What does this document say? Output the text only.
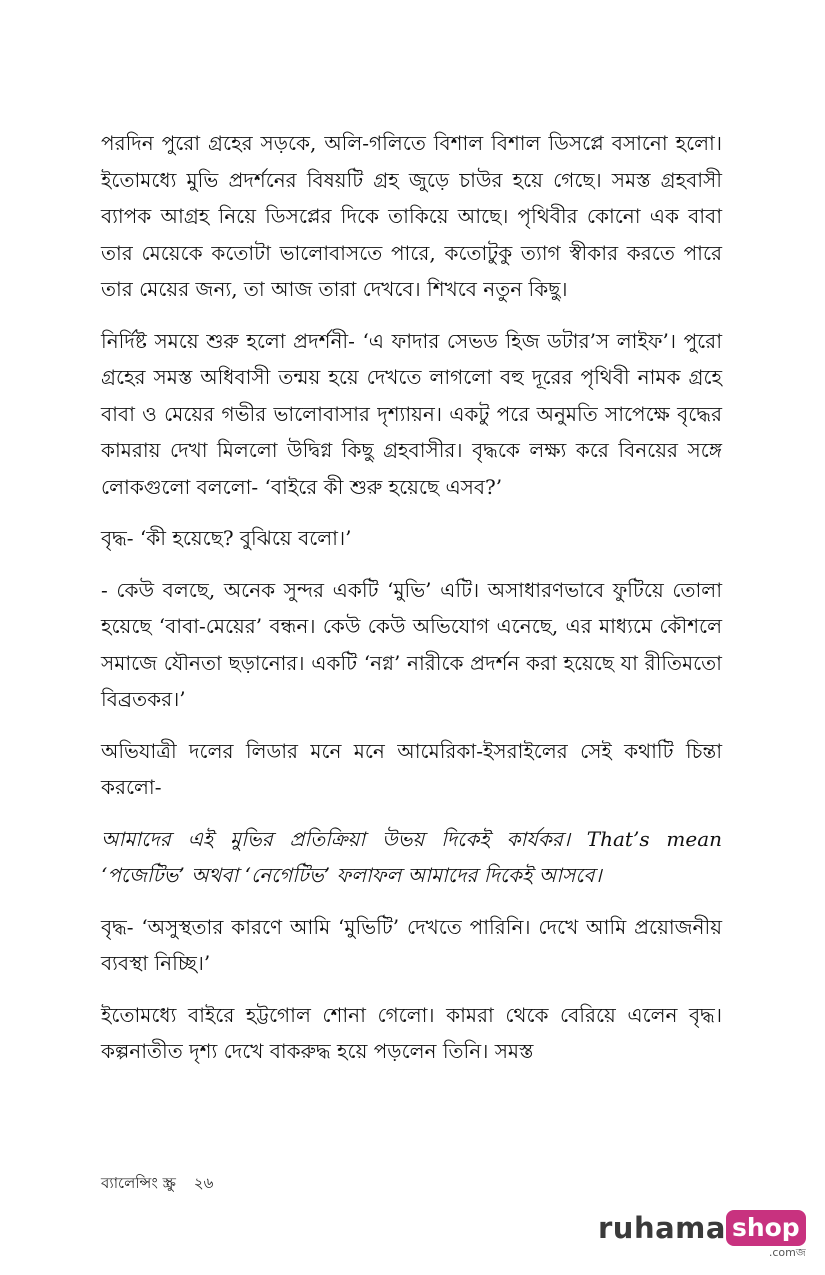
পরদিন পুরো গ্রহের সড়কে, অলি-গলিতে বিশাল বিশাল ডিসপ্লে বসানো হলো। ইতোমধ্যে মুভি প্রদর্শনের বিষয়টি গ্রহ জুড়ে চাউর হয়ে গেছে। সমস্ত গ্রহবাসী ব্যাপক আগ্রহ নিয়ে ডিসপ্লের দিকে তাকিয়ে আছে। পৃথিবীর কোনো এক বাবা তার মেয়েকে কতোটা ভালোবাসতে পারে, কতোটুকু ত্যাগ স্বীকার করতে পারে তার মেয়ের জন্য, তা আজ তারা দেখবে। শিখবে নতুন কিছু।

নির্দিষ্ট সময়ে শুরু হলো প্রদর্শনী- ‘এ ফাদার সেভড হিজ ডটার’স লাইফ’। পুরো গ্রহের সমস্ত অধিবাসী তন্ময় হয়ে দেখতে লাগলো বহু দূরের পৃথিবী নামক গ্রহে বাবা ও মেয়ের গভীর ভালোবাসার দৃশ্যায়ন। একটু পরে অনুমতি সাপেক্ষে বৃদ্ধের কামরায় দেখা মিললো উদ্বিগ্ন কিছু গ্রহবাসীর। বৃদ্ধকে লক্ষ্য করে বিনয়ের সঙ্গে লোকগুলো বললো- ‘বাইরে কী শুরু হয়েছে এসব?’

বৃদ্ধ- ‘কী হয়েছে? বুঝিয়ে বলো।’

- কেউ বলছে, অনেক সুন্দর একটি ‘মুভি’ এটি। অসাধারণভাবে ফুটিয়ে তোলা হয়েছে ‘বাবা-মেয়ের’ বন্ধন। কেউ কেউ অভিযোগ এনেছে, এর মাধ্যমে কৌশলে সমাজে যৌনতা ছড়ানোর। একটি ‘নগ্ন’ নারীকে প্রদর্শন করা হয়েছে যা রীতিমতো বিব্রতকর।’

অভিযাত্রী দলের লিডার মনে মনে আমেরিকা-ইসরাইলের সেই কথাটি চিন্তা করলো-

আমাদের এই মুভির প্রতিক্রিয়া উভয় দিকেই কার্যকর। That’s mean ‘পজেটিভ’ অথবা ‘নেগেটিভ’ ফলাফল আমাদের দিকেই আসবে।

বৃদ্ধ- ‘অসুস্থতার কারণে আমি ‘মুভিটি’ দেখতে পারিনি। দেখে আমি প্রয়োজনীয় ব্যবস্থা নিচ্ছি।’

ইতোমধ্যে বাইরে হট্টগোল শোনা গেলো। কামরা থেকে বেরিয়ে এলেন বৃদ্ধ। কল্পনাতীত দৃশ্য দেখে বাকরুদ্ধ হয়ে পড়লেন তিনি। সমস্ত

ব্যালেন্সিং স্ক্রু ২৬
ruhama shop
.comজ
